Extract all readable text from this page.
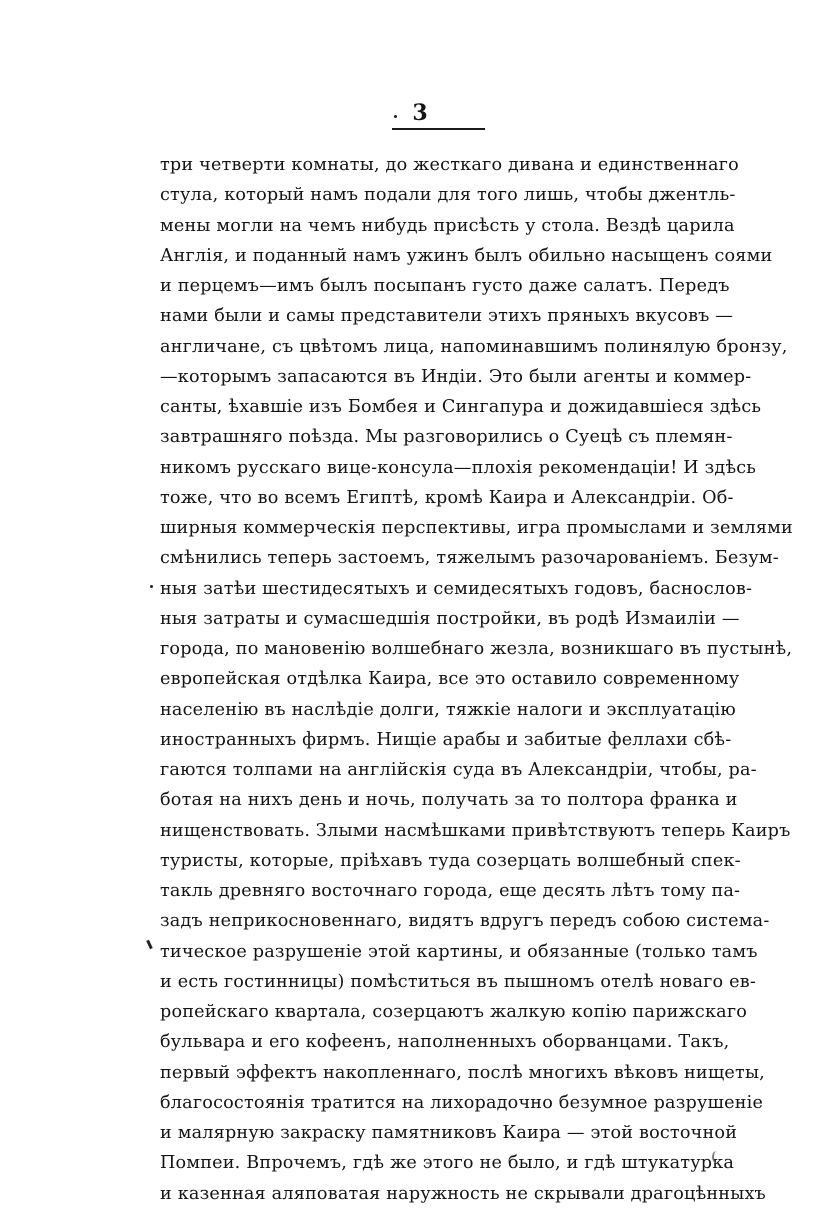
3
три четверти комнаты, до жесткаго дивана и единственнаго
стула, который намъ подали для того лишь, чтобы джентль-
мены могли на чемъ нибудь присѣсть у стола. Вездѣ царила
Англія, и поданный намъ ужинъ былъ обильно насыщенъ соями
и перцемъ—имъ былъ посыпанъ густо даже салатъ. Передъ
нами были и самы представители этихъ пряныхъ вкусовъ —
англичане, съ цвѣтомъ лица, напоминавшимъ полинялую бронзу,
—которымъ запасаются въ Индіи. Это были агенты и коммер-
санты, ѣхавшіе изъ Бомбея и Сингапура и дожидавшіеся здѣсь
завтрашняго поѣзда. Мы разговорились о Суецѣ съ племян-
никомъ русскаго вице-консула—плохія рекомендаціи! И здѣсь
тоже, что во всемъ Египтѣ, кромѣ Каира и Александріи. Об-
ширныя коммерческія перспективы, игра промыслами и землями
смѣнились теперь застоемъ, тяжелымъ разочарованіемъ. Безум-
ныя затѣи шестидесятыхъ и семидесятыхъ годовъ, баснослов-
ныя затраты и сумасшедшія постройки, въ родѣ Измаиліи —
города, по мановенію волшебнаго жезла, возникшаго въ пустынѣ,
европейская отдѣлка Каира, все это оставило современному
населенію въ наслѣдіе долги, тяжкіе налоги и эксплуатацію
иностранныхъ фирмъ. Нищіе арабы и забитые феллахи сбѣ-
гаются толпами на англійскія суда въ Александріи, чтобы, ра-
ботая на нихъ день и ночь, получать за то полтора франка и
нищенствовать. Злыми насмѣшками привѣтствуютъ теперь Каиръ
туристы, которые, пріѣхавъ туда созерцать волшебный спек-
такль древняго восточнаго города, еще десять лѣтъ тому па-
задъ неприкосновеннаго, видятъ вдругъ передъ собою система-
тическое разрушеніе этой картины, и обязанные (только тамъ
и есть гостинницы) помѣститься въ пышномъ отелѣ новаго ев-
ропейскаго квартала, созерцаютъ жалкую копію парижскаго
бульвара и его кофеенъ, наполненныхъ оборванцами. Такъ,
первый эффектъ накопленнаго, послѣ многихъ вѣковъ нищеты,
благосостоянія тратится на лихорадочно безумное разрушеніе
и малярную закраску памятниковъ Каира — этой восточной
Помпеи. Впрочемъ, гдѣ же этого не было, и гдѣ штукатурка
и казенная аляповатая наружность не скрывали драгоцѣнныхъ
